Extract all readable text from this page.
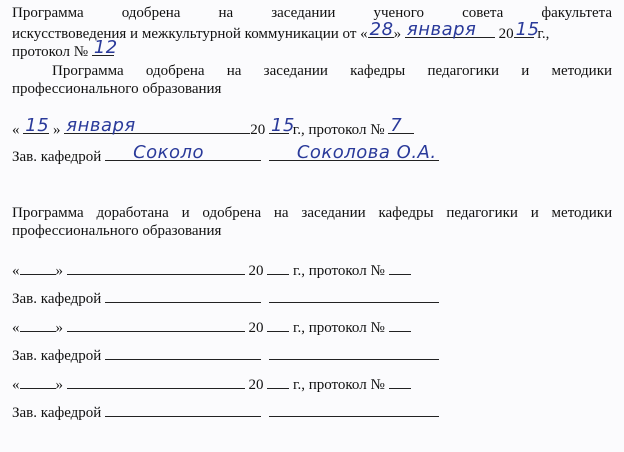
Программа	одобрена	на	заседании	ученого	совета	факультета
искусствоведения и межкультурной коммуникации от « 28 » января 20 15
г.,
протокол № 12
Программа одобрена на заседании кафедры педагогики и методики
профессионального образования
« 15 » января	20 15
г., протокол № 7
Зав. кафедрой Соколо
	Соколова О.А.
Программа доработана и одобрена на заседании кафедры педагогики и методики
профессионального образования
« »	20 г., протокол №
Зав. кафедрой
« »	20 г., протокол №
Зав. кафедрой
« »	20 г., протокол №
Зав. кафедрой
